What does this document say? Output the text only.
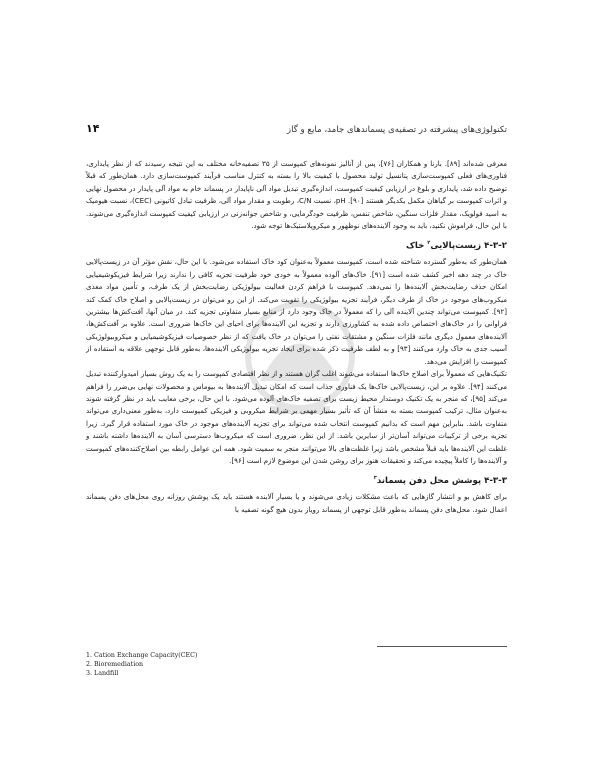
تکنولوژی‌های پیشرفته در تصفیه‌ی پسماندهای جامد، مایع و گاز
۱۴

معرفی شده‌اند [۸۹]. بارنا و همکاران [۷۶]، پس از آنالیز نمونه‌های کمپوست از ۳۵ تصفیه‌خانه مختلف به این نتیجه رسیدند که از نظر پایداری، فناوری‌های فعلی کمپوست‌سازی پتانسیل تولید محصول با کیفیت بالا را بسته به کنترل مناسب فرآیند کمپوست‌سازی دارد. همان‌طور که قبلاً توضیح داده شد، پایداری و بلوغ در ارزیابی کیفیت کمپوست، اندازه‌گیری تبدیل مواد آلی ناپایدار در پسماند خام به مواد آلی پایدار در محصول نهایی و اثرات کمپوست بر گیاهان مکمل یکدیگر هستند [۹۰]. pH، نسبت C/N، رطوبت و مقدار مواد آلی، ظرفیت تبادل کاتیونی (CEC)، نسبت هیومیک به اسید فولویک، مقدار فلزات سنگین، شاخص تنفس، ظرفیت خودگرمایی، و شاخص جوانه‌زنی در ارزیابی کیفیت کمپوست اندازه‌گیری می‌شوند. با این حال، فراموش نکنید، باید به وجود آلاینده‌های نوظهور و میکروپلاستیک‌ها توجه شود.

۴-۳-۲ زیست‌پالایی$^۲$ خاک

همان‌طور که به‌طور گسترده شناخته شده است، کمپوست معمولاً به‌عنوان کود خاک استفاده می‌شود. با این حال، نقش مؤثر آن در زیست‌پالایی خاک در چند دهه اخیر کشف شده است [۹۱]. خاک‌های آلوده معمولاً به خودی خود ظرفیت تجزیه کافی را ندارند زیرا شرایط فیزیکوشیمیایی امکان حذف رضایت‌بخش آلاینده‌ها را نمی‌دهد. کمپوست با فراهم کردن فعالیت بیولوژیکی رضایت‌بخش از یک طرف، و تأمین مواد مغذی میکروب‌های موجود در خاک از طرف دیگر، فرآیند تجزیه بیولوژیکی را تقویت می‌کند. از این رو می‌توان در زیست‌پالایی و اصلاح خاک کمک کند [۹۲]. کمپوست می‌تواند چندین آلاینده آلی را که معمولاً در خاک وجود دارد از منابع بسیار متفاوتی تجزیه کند. در میان آنها، آفت‌کش‌ها بیشترین فراوانی را در خاک‌های اختصاص داده شده به کشاورزی دارند و تجزیه این آلاینده‌ها برای احیای این خاک‌ها ضروری است. علاوه بر آفت‌کش‌ها، آلاینده‌های معمول دیگری مانند فلزات سنگین و مشتقات نفتی را می‌توان در خاک یافت که از نظر خصوصیات فیزیکوشیمیایی و میکروبیولوژیکی آسیب جدی به خاک وارد می‌کنند [۹۳] و به لطف ظرفیت ذکر شده برای ایجاد تجزیه بیولوژیکی آلاینده‌ها، به‌طور قابل توجهی علاقه به استفاده از کمپوست را افزایش می‌دهد.

تکنیک‌هایی که معمولاً برای اصلاح خاک‌ها استفاده می‌شوند اغلب گران هستند و از نظر اقتصادی کمپوست را به یک روش بسیار امیدوارکننده تبدیل می‌کنند [۹۴]. علاوه بر این، زیست‌پالایی خاک‌ها یک فناوری جذاب است که امکان تبدیل آلاینده‌ها به بیوماس و محصولات نهایی بی‌ضرر را فراهم می‌کند [۹۵]، که منجر به یک تکنیک دوستدار محیط زیست برای تصفیه خاک‌های آلوده می‌شود. با این حال، برخی معایب باید در نظر گرفته شوند به‌عنوان مثال، ترکیب کمپوست بسته به منشأ آن که تأثیر بسیار مهمی بر شرایط میکروبی و فیزیکی کمپوست دارد، به‌طور معنی‌داری می‌تواند متفاوت باشد. بنابراین مهم است که بدانیم کمپوست انتخاب شده می‌تواند برای تجزیه آلاینده‌های موجود در خاک مورد استفاده قرار گیرد. زیرا تجزیه برخی از ترکیبات می‌تواند آسان‌تر از سایرین باشد. از این نظر، ضروری است که میکروب‌ها دسترسی آسان به آلاینده‌ها داشته باشند و غلظت این آلاینده‌ها باید قبلاً مشخص باشد زیرا غلظت‌های بالا می‌توانند منجر به سمیت شود. همه این عوامل رابطه بین اصلاح‌کننده‌های کمپوست و آلاینده‌ها را کاملاً پیچیده می‌کند و تحقیقات هنوز برای روشن شدن این موضوع لازم است [۹۶].

۴-۳-۳ پوشش محل دفن پسماند$^۳$

برای کاهش بو و انتشار گازهایی که باعث مشکلات زیادی می‌شوند و یا بسیار آلاینده هستند باید یک پوشش روزانه روی محل‌های دفن پسماند اعمال شود. محل‌های دفن پسماند به‌طور قابل توجهی از پسماند رویاز بدون هیچ گونه تصفیه با

1. Cation Exchange Capacity(CEC)
2. Bioremediation
3. Landfill
